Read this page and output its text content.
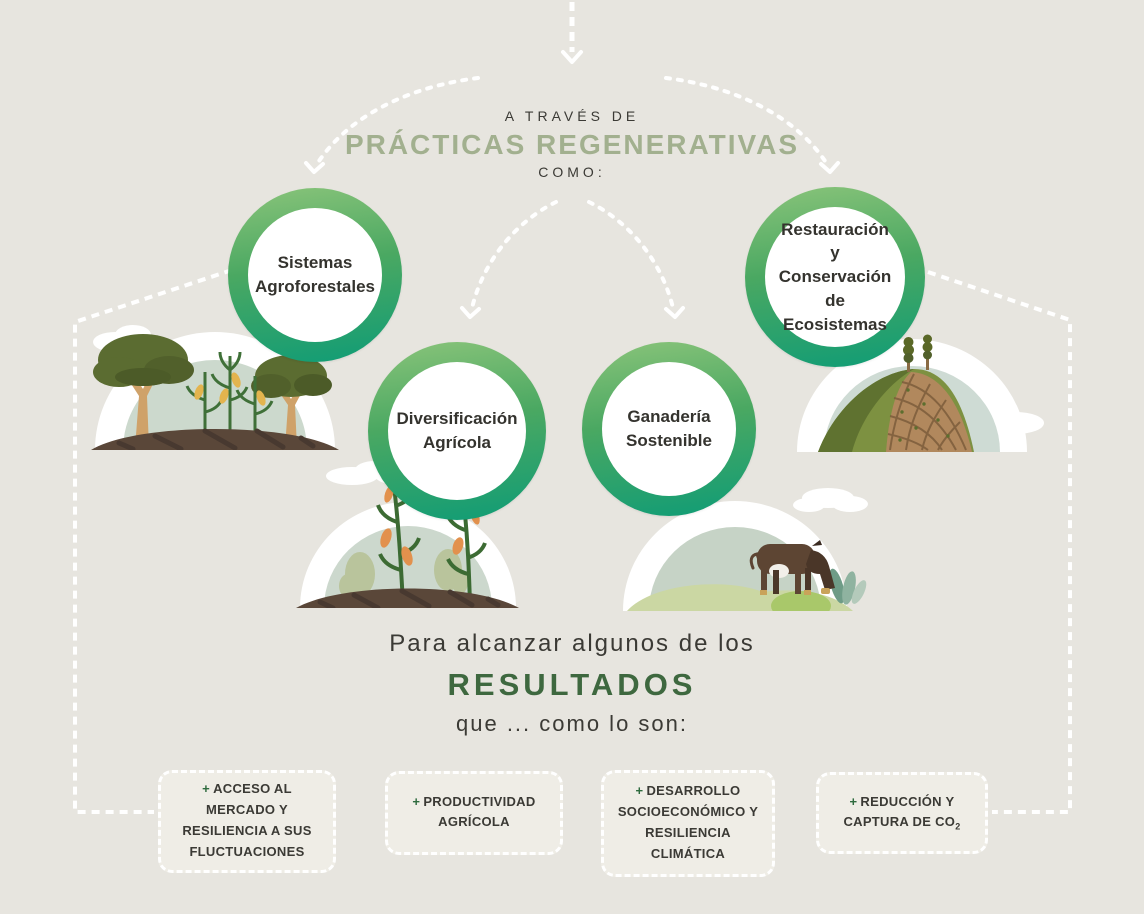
A TRAVÉS DE
PRÁCTICAS REGENERATIVAS
COMO:
Sistemas Agroforestales
Diversificación Agrícola
Ganadería Sostenible
Restauración y Conservación de Ecosistemas
Para alcanzar algunos de los
RESULTADOS
que ... como lo son:
+ ACCESO AL MERCADO Y RESILIENCIA A SUS FLUCTUACIONES
+ PRODUCTIVIDAD AGRÍCOLA
+ DESARROLLO SOCIOECONÓMICO Y RESILIENCIA CLIMÁTICA
+ REDUCCIÓN Y CAPTURA DE $CO_2$
